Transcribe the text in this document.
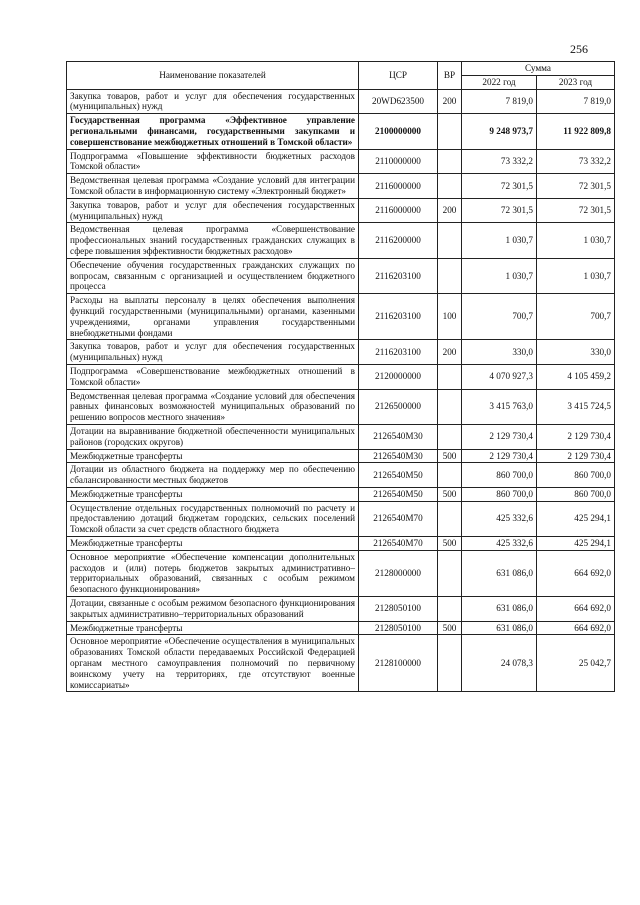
256
Наименование показателей	ЦСР	ВР	Сумма	
			2022 год	2023 год
Закупка товаров, работ и услуг для обеспечения государственных (муниципальных) нужд	20WD623500	200	7 819,0	7 819,0
Государственная программа «Эффективное управление региональными финансами, государственными закупками и совершенствование межбюджетных отношений в Томской области»	2100000000		9 248 973,7	11 922 809,8
Подпрограмма «Повышение эффективности бюджетных расходов Томской области»	2110000000		73 332,2	73 332,2
Ведомственная целевая программа «Создание условий для интеграции Томской области в информационную систему «Электронный бюджет»	2116000000		72 301,5	72 301,5
Закупка товаров, работ и услуг для обеспечения государственных (муниципальных) нужд	2116000000	200	72 301,5	72 301,5
Ведомственная целевая программа «Совершенствование профессиональных знаний государственных гражданских служащих в сфере повышения эффективности бюджетных расходов»	2116200000		1 030,7	1 030,7
Обеспечение обучения государственных гражданских служащих по вопросам, связанным с организацией и осуществлением бюджетного процесса	2116203100		1 030,7	1 030,7
Расходы на выплаты персоналу в целях обеспечения выполнения функций государственными (муниципальными) органами, казенными учреждениями, органами управления государственными внебюджетными фондами	2116203100	100	700,7	700,7
Закупка товаров, работ и услуг для обеспечения государственных (муниципальных) нужд	2116203100	200	330,0	330,0
Подпрограмма «Совершенствование межбюджетных отношений в Томской области»	2120000000		4 070 927,3	4 105 459,2
Ведомственная целевая программа «Создание условий для обеспечения равных финансовых возможностей муниципальных образований по решению вопросов местного значения»	2126500000		3 415 763,0	3 415 724,5
Дотации на выравнивание бюджетной обеспеченности муниципальных районов (городских округов)	2126540M30		2 129 730,4	2 129 730,4
Межбюджетные трансферты	2126540M30	500	2 129 730,4	2 129 730,4
Дотации из областного бюджета на поддержку мер по обеспечению сбалансированности местных бюджетов	2126540M50		860 700,0	860 700,0
Межбюджетные трансферты	2126540M50	500	860 700,0	860 700,0
Осуществление отдельных государственных полномочий по расчету и предоставлению дотаций бюджетам городских, сельских поселений Томской области за счет средств областного бюджета	2126540M70		425 332,6	425 294,1
Межбюджетные трансферты	2126540M70	500	425 332,6	425 294,1
Основное мероприятие «Обеспечение компенсации дополнительных расходов и (или) потерь бюджетов закрытых административно–территориальных образований, связанных с особым режимом безопасного функционирования»	2128000000		631 086,0	664 692,0
Дотации, связанные с особым режимом безопасного функционирования закрытых административно–территориальных образований	2128050100		631 086,0	664 692,0
Межбюджетные трансферты	2128050100	500	631 086,0	664 692,0
Основное мероприятие «Обеспечение осуществления в муниципальных образованиях Томской области передаваемых Российской Федерацией органам местного самоуправления полномочий по первичному воинскому учету на территориях, где отсутствуют военные комиссариаты»	2128100000		24 078,3	25 042,7
